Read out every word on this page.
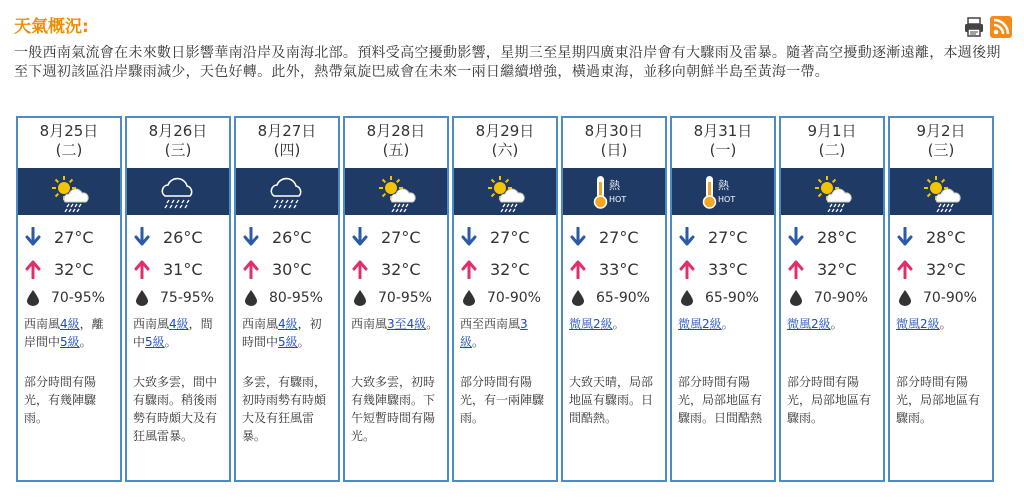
天氣概況:
一般西南氣流會在未來數日影響華南沿岸及南海北部。預料受高空擾動影響，星期三至星期四廣東沿岸會有大驟雨及雷暴。隨著高空擾動逐漸遠離，本週後期至下週初該區沿岸驟雨減少，天色好轉。此外，熱帶氣旋巴威會在未來一兩日繼續增強，橫過東海，並移向朝鮮半島至黃海一帶。
8月25日
(二)
27°C
32°C
70-95%
西南風4級，離岸間中5級。
部分時間有陽光，有幾陣驟雨。
8月26日
(三)
26°C
31°C
75-95%
西南風4級，間中5級。
大致多雲，間中有驟雨。稍後雨勢有時頗大及有狂風雷暴。
8月27日
(四)
26°C
30°C
80-95%
西南風4級，初時間中5級。
多雲，有驟雨，初時雨勢有時頗大及有狂風雷暴。
8月28日
(五)
27°C
32°C
70-95%
西南風3至4級。
大致多雲，初時有幾陣驟雨。下午短暫時間有陽光。
8月29日
(六)
27°C
32°C
70-90%
西至西南風3級。
部分時間有陽光，有一兩陣驟雨。
8月30日
(日)
熱
HOT
27°C
33°C
65-90%
微風2級。
大致天晴，局部地區有驟雨。日間酷熱。
8月31日
(一)
熱
HOT
27°C
33°C
65-90%
微風2級。
部分時間有陽光，局部地區有驟雨。日間酷熱
9月1日
(二)
28°C
32°C
70-90%
微風2級。
部分時間有陽光，局部地區有驟雨。
9月2日
(三)
28°C
32°C
70-90%
微風2級。
部分時間有陽光，局部地區有驟雨。
